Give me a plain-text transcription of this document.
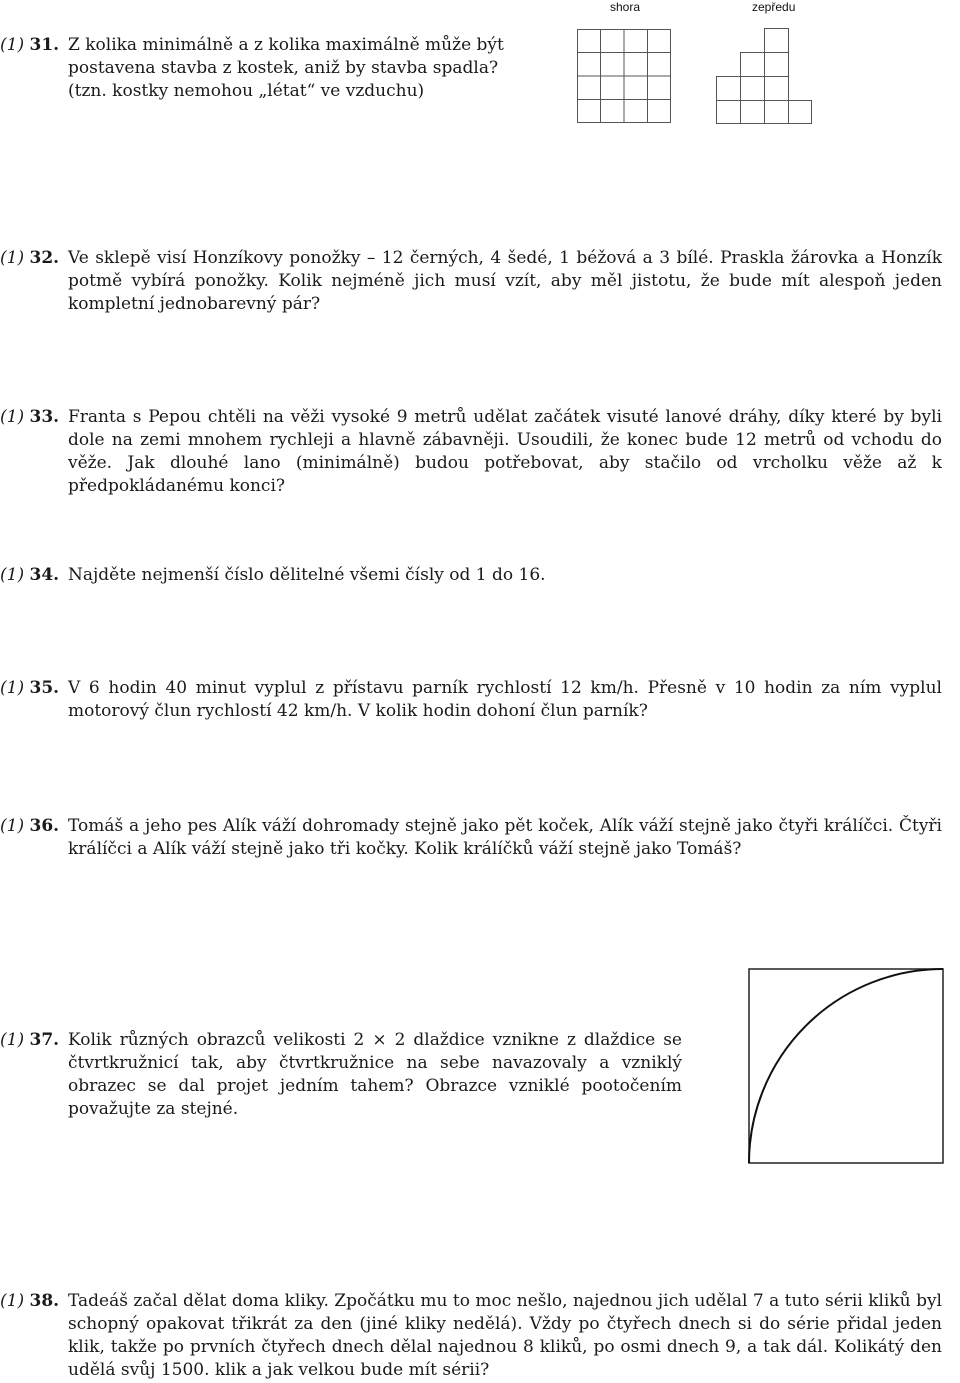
(1) 31. Z kolika minimálně a z kolika maximálně může být postavena stavba z kostek, aniž by stavba spadla? (tzn. kostky nemohou „létat“ ve vzduchu)
shora	zepředu
(1) 32. Ve sklepě visí Honzíkovy ponožky – 12 černých, 4 šedé, 1 béžová a 3 bílé. Praskla žárovka a Honzík potmě vybírá ponožky. Kolik nejméně jich musí vzít, aby měl jistotu, že bude mít alespoň jeden kompletní jednobarevný pár?
(1) 33. Franta s Pepou chtěli na věži vysoké 9 metrů udělat začátek visuté lanové dráhy, díky které by byli dole na zemi mnohem rychleji a hlavně zábavněji. Usoudili, že konec bude 12 metrů od vchodu do věže. Jak dlouhé lano (minimálně) budou potřebovat, aby stačilo od vrcholku věže až k předpokládanému konci?
(1) 34. Najděte nejmenší číslo dělitelné všemi čísly od 1 do 16.
(1) 35. V 6 hodin 40 minut vyplul z přístavu parník rychlostí 12 km/h. Přesně v 10 hodin za ním vyplul motorový člun rychlostí 42 km/h. V kolik hodin dohoní člun parník?
(1) 36. Tomáš a jeho pes Alík váží dohromady stejně jako pět koček, Alík váží stejně jako čtyři králíčci. Čtyři králíčci a Alík váží stejně jako tři kočky. Kolik králíčků váží stejně jako Tomáš?
(1) 37. Kolik různých obrazců velikosti 2 × 2 dlaždice vznikne z dlaždice se čtvrtkružnicí tak, aby čtvrtkružnice na sebe navazovaly a vzniklý obrazec se dal projet jedním tahem? Obrazce vzniklé pootočením považujte za stejné.
(1) 38. Tadeáš začal dělat doma kliky. Zpočátku mu to moc nešlo, najednou jich udělal 7 a tuto sérii kliků byl schopný opakovat třikrát za den (jiné kliky nedělá). Vždy po čtyřech dnech si do série přidal jeden klik, takže po prvních čtyřech dnech dělal najednou 8 kliků, po osmi dnech 9, a tak dál. Kolikátý den udělá svůj 1500. klik a jak velkou bude mít sérii?
